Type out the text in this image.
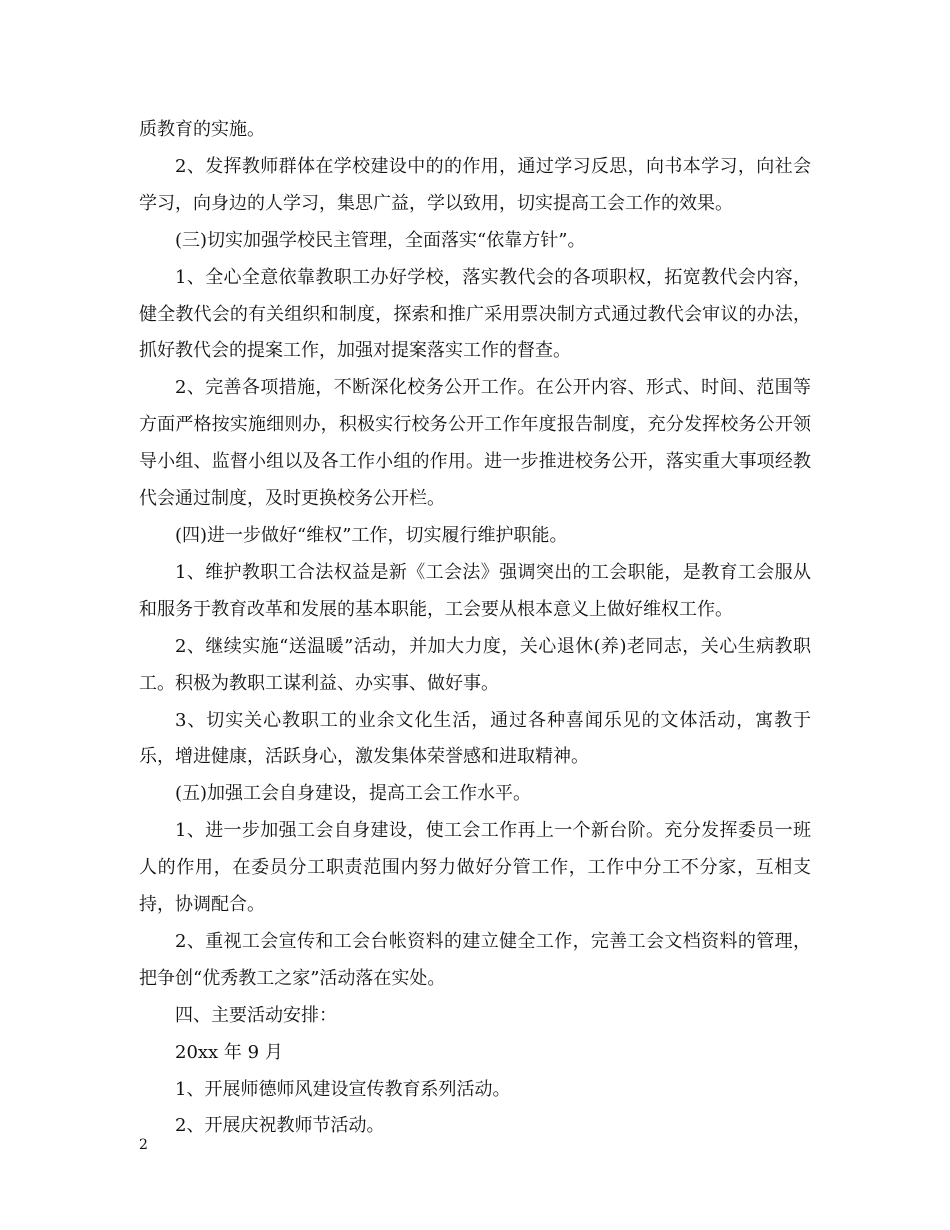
质教育的实施。

2、发挥教师群体在学校建设中的的作用，通过学习反思，向书本学习，向社会学习，向身边的人学习，集思广益，学以致用，切实提高工会工作的效果。

(三)切实加强学校民主管理，全面落实“依靠方针”。

1、全心全意依靠教职工办好学校，落实教代会的各项职权，拓宽教代会内容，健全教代会的有关组织和制度，探索和推广采用票决制方式通过教代会审议的办法，抓好教代会的提案工作，加强对提案落实工作的督查。

2、完善各项措施，不断深化校务公开工作。在公开内容、形式、时间、范围等方面严格按实施细则办，积极实行校务公开工作年度报告制度，充分发挥校务公开领导小组、监督小组以及各工作小组的作用。进一步推进校务公开，落实重大事项经教代会通过制度，及时更换校务公开栏。

(四)进一步做好“维权”工作，切实履行维护职能。

1、维护教职工合法权益是新《工会法》强调突出的工会职能，是教育工会服从和服务于教育改革和发展的基本职能，工会要从根本意义上做好维权工作。

2、继续实施“送温暖”活动，并加大力度，关心退休(养)老同志，关心生病教职工。积极为教职工谋利益、办实事、做好事。

3、切实关心教职工的业余文化生活，通过各种喜闻乐见的文体活动，寓教于乐，增进健康，活跃身心，激发集体荣誉感和进取精神。

(五)加强工会自身建设，提高工会工作水平。

1、进一步加强工会自身建设，使工会工作再上一个新台阶。充分发挥委员一班人的作用，在委员分工职责范围内努力做好分管工作，工作中分工不分家，互相支持，协调配合。

2、重视工会宣传和工会台帐资料的建立健全工作，完善工会文档资料的管理，把争创“优秀教工之家”活动落在实处。

四、主要活动安排：

20xx 年 9 月

1、开展师德师风建设宣传教育系列活动。

2、开展庆祝教师节活动。

2
